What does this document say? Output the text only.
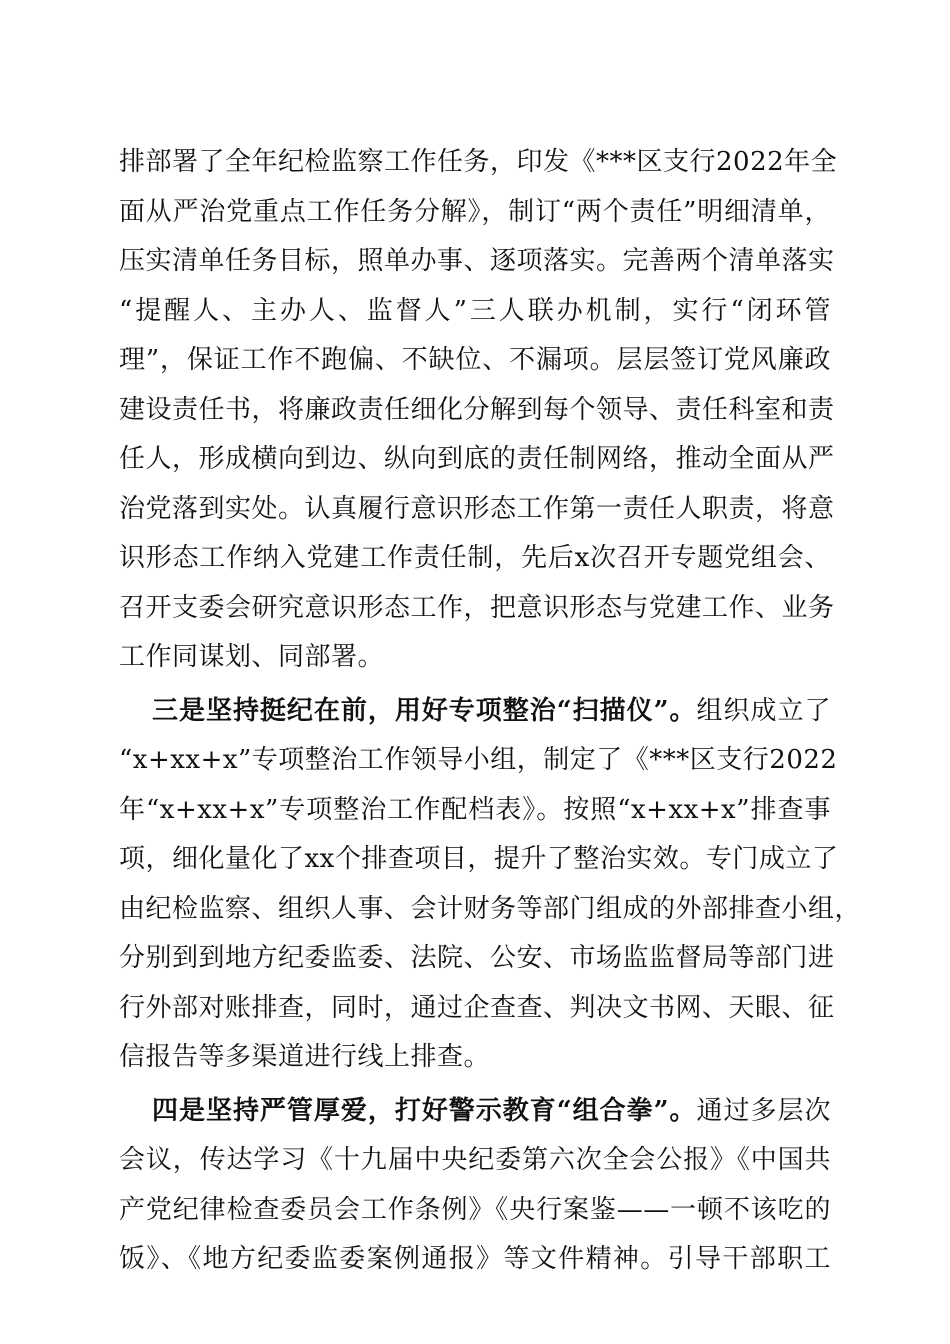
排部署了全年纪检监察工作任务，印发《***区支行2022年全
面从严治党重点工作任务分解》，制订“两个责任”明细清单，
压实清单任务目标，照单办事、逐项落实。完善两个清单落实
“提醒人、主办人、监督人”三人联办机制，实行“闭环管
理”，保证工作不跑偏、不缺位、不漏项。层层签订党风廉政
建设责任书，将廉政责任细化分解到每个领导、责任科室和责
任人，形成横向到边、纵向到底的责任制网络，推动全面从严
治党落到实处。认真履行意识形态工作第一责任人职责，将意
识形态工作纳入党建工作责任制，先后x次召开专题党组会、
召开支委会研究意识形态工作，把意识形态与党建工作、业务
工作同谋划、同部署。
三是坚持挺纪在前，用好专项整治“扫描仪”。组织成立了
“x+xx+x”专项整治工作领导小组，制定了《***区支行2022
年“x+xx+x”专项整治工作配档表》。按照“x+xx+x”排查事
项，细化量化了xx个排查项目，提升了整治实效。专门成立了
由纪检监察、组织人事、会计财务等部门组成的外部排查小组，
分别到到地方纪委监委、法院、公安、市场监监督局等部门进
行外部对账排查，同时，通过企查查、判决文书网、天眼、征
信报告等多渠道进行线上排查。
四是坚持严管厚爱，打好警示教育“组合拳”。通过多层次
会议，传达学习《十九届中央纪委第六次全会公报》《中国共
产党纪律检查委员会工作条例》《央行案鉴——一顿不该吃的
饭》、《地方纪委监委案例通报》等文件精神。引导干部职工
